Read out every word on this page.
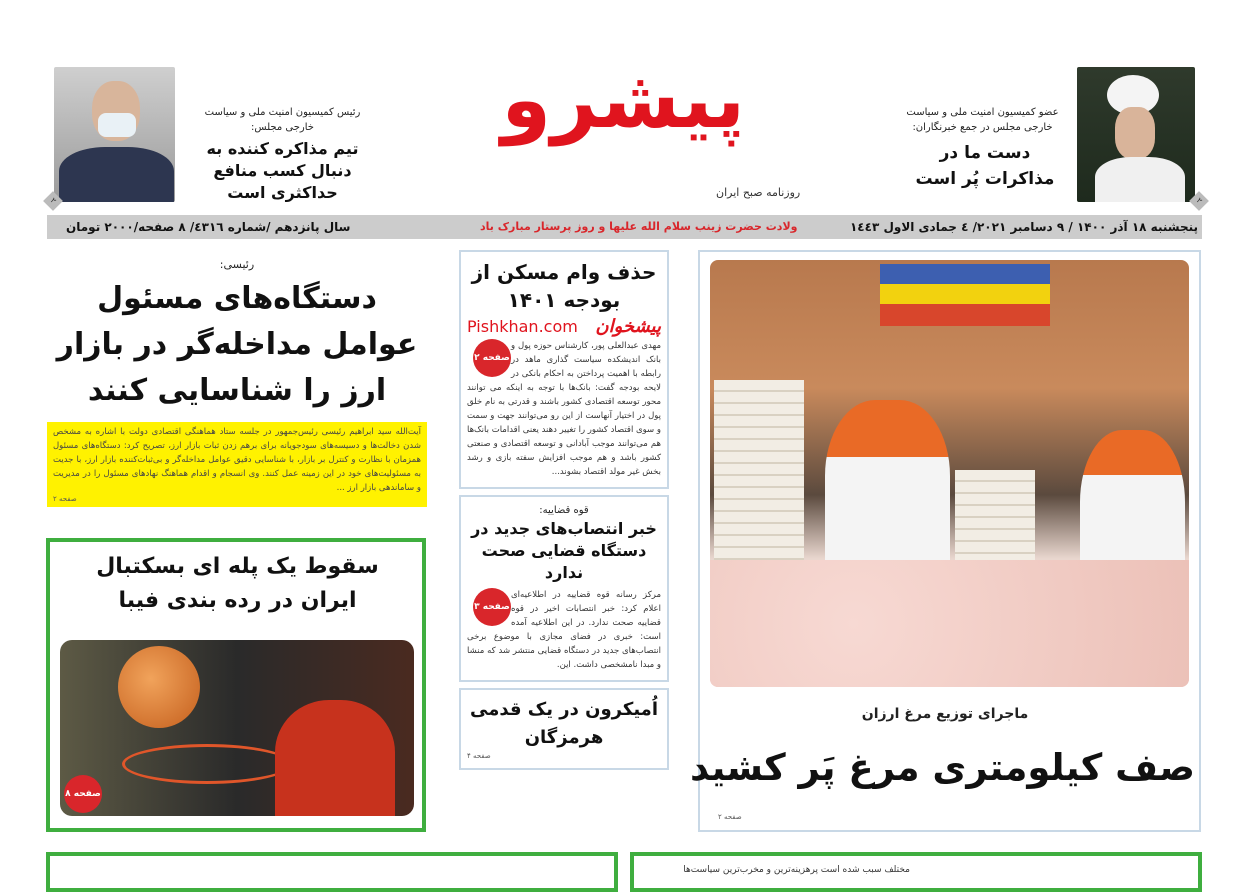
پیشرو
روزنامه صبح ایران
۲
عضو کمیسیون امنیت ملی و سیاست خارجی مجلس در جمع خبرنگاران:
دست ما در مذاکرات پُر است
۲
رئیس کمیسیون امنیت ملی و سیاست خارجی مجلس:
تیم مذاکره کننده به دنبال کسب منافع حداکثری است
پنجشنبه ۱۸ آذر ۱۴۰۰ / ۹ دسامبر ۲۰۲۱/ ٤ جمادی الاول ١٤٤٣
ولادت حضرت زینب سلام الله علیها و روز پرستار مبارک باد
سال پانزدهم /شماره ٤٣١٦/ ۸ صفحه/۲۰۰۰ تومان
رئیسی:
دستگاه‌های مسئول عوامل مداخله‌گر در بازار ارز را شناسایی کنند
آیت‌الله سید ابراهیم رئیسی رئیس‌جمهور در جلسه ستاد هماهنگی اقتصادی دولت با اشاره به مشخص شدن دخالت‌ها و دسیسه‌های سودجویانه برای برهم زدن ثبات بازار ارز، تصریح کرد: دستگاه‌های مسئول همزمان با نظارت و کنترل بر بازار، با شناسایی دقیق عوامل مداخله‌گر و بی‌ثبات‌کننده بازار ارز، با جدیت به مسئولیت‌های خود در این زمینه عمل کنند. وی انسجام و اقدام هماهنگ نهادهای مسئول را در مدیریت و ساماندهی بازار ارز ...
صفحه ۲
حذف وام مسکن از بودجه ۱۴۰۱
Pishkhan.com پیشخوان
صفحه ۲
مهدی عبدالعلی پور، کارشناس حوزه پول و بانک اندیشکده سیاست گذاری ماهد در رابطه با اهمیت پرداختن به احکام بانکی در لایحه بودجه گفت: بانک‌ها با توجه به اینکه می توانند محور توسعه اقتصادی کشور باشند و قدرتی به نام خلق پول در اختیار آنهاست از این رو می‌توانند جهت و سمت و سوی اقتصاد کشور را تغییر دهند یعنی اقدامات بانک‌ها هم می‌توانند موجب آبادانی و توسعه اقتصادی و صنعتی کشور باشد و هم موجب افزایش سفته بازی و رشد بخش غیر مولد اقتصاد بشوند...
قوه قضاییه:
خبر انتصاب‌های جدید در دستگاه قضایی صحت ندارد
صفحه ۳
مرکز رسانه قوه قضاییه در اطلاعیه‌ای اعلام کرد: خبر انتصابات اخیر در قوه قضاییه صحت ندارد. در این اطلاعیه آمده است: خبری در فضای مجازی با موضوع برخی انتصاب‌های جدید در دستگاه قضایی منتشر شد که منشا و مبدا نامشخصی داشت. این.
اُمیکرون در یک قدمی هرمزگان
صفحه ۴
سقوط یک پله ای بسکتبال ایران در رده بندی فیبا
صفحه ۸
ماجرای توزیع مرغ ارزان
صف کیلومتری مرغ پَر کشید
صفحه ۲
مختلف سبب شده است پرهزینه‌ترین و مخرب‌ترین سیاست‌ها
